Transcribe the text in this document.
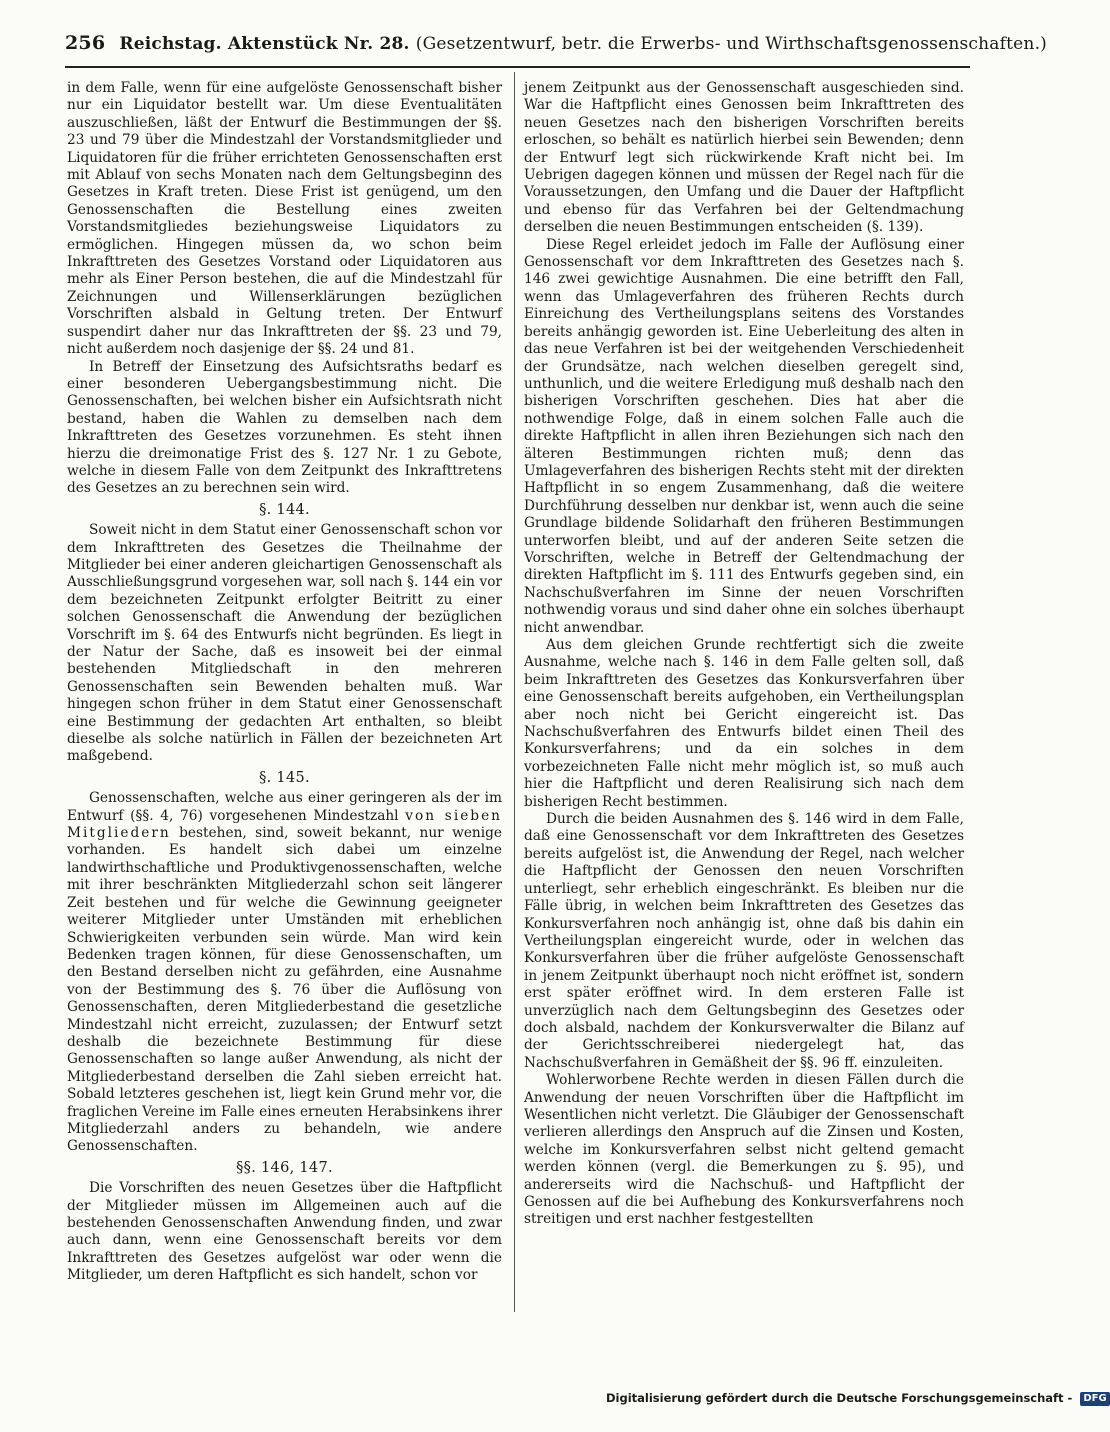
256 Reichstag. Aktenstück Nr. 28. (Gesetzentwurf, betr. die Erwerbs- und Wirthschaftsgenossenschaften.)

in dem Falle, wenn für eine aufgelöste Genossenschaft bisher nur ein Liquidator bestellt war. Um diese Eventualitäten auszuschließen, läßt der Entwurf die Bestimmungen der §§. 23 und 79 über die Mindestzahl der Vorstandsmitglieder und Liquidatoren für die früher errichteten Genossenschaften erst mit Ablauf von sechs Monaten nach dem Geltungsbeginn des Gesetzes in Kraft treten. Diese Frist ist genügend, um den Genossenschaften die Bestellung eines zweiten Vorstandsmitgliedes beziehungsweise Liquidators zu ermöglichen. Hingegen müssen da, wo schon beim Inkrafttreten des Gesetzes Vorstand oder Liquidatoren aus mehr als Einer Person bestehen, die auf die Mindestzahl für Zeichnungen und Willenserklärungen bezüglichen Vorschriften alsbald in Geltung treten. Der Entwurf suspendirt daher nur das Inkrafttreten der §§. 23 und 79, nicht außerdem noch dasjenige der §§. 24 und 81.

In Betreff der Einsetzung des Aufsichtsraths bedarf es einer besonderen Uebergangsbestimmung nicht. Die Genossenschaften, bei welchen bisher ein Aufsichtsrath nicht bestand, haben die Wahlen zu demselben nach dem Inkrafttreten des Gesetzes vorzunehmen. Es steht ihnen hierzu die dreimonatige Frist des §. 127 Nr. 1 zu Gebote, welche in diesem Falle von dem Zeitpunkt des Inkrafttretens des Gesetzes an zu berechnen sein wird.

§. 144.

Soweit nicht in dem Statut einer Genossenschaft schon vor dem Inkrafttreten des Gesetzes die Theilnahme der Mitglieder bei einer anderen gleichartigen Genossenschaft als Ausschließungsgrund vorgesehen war, soll nach §. 144 ein vor dem bezeichneten Zeitpunkt erfolgter Beitritt zu einer solchen Genossenschaft die Anwendung der bezüglichen Vorschrift im §. 64 des Entwurfs nicht begründen. Es liegt in der Natur der Sache, daß es insoweit bei der einmal bestehenden Mitgliedschaft in den mehreren Genossenschaften sein Bewenden behalten muß. War hingegen schon früher in dem Statut einer Genossenschaft eine Bestimmung der gedachten Art enthalten, so bleibt dieselbe als solche natürlich in Fällen der bezeichneten Art maßgebend.

§. 145.

Genossenschaften, welche aus einer geringeren als der im Entwurf (§§. 4, 76) vorgesehenen Mindestzahl von sieben Mitgliedern bestehen, sind, soweit bekannt, nur wenige vorhanden. Es handelt sich dabei um einzelne landwirthschaftliche und Produktivgenossenschaften, welche mit ihrer beschränkten Mitgliederzahl schon seit längerer Zeit bestehen und für welche die Gewinnung geeigneter weiterer Mitglieder unter Umständen mit erheblichen Schwierigkeiten verbunden sein würde. Man wird kein Bedenken tragen können, für diese Genossenschaften, um den Bestand derselben nicht zu gefährden, eine Ausnahme von der Bestimmung des §. 76 über die Auflösung von Genossenschaften, deren Mitgliederbestand die gesetzliche Mindestzahl nicht erreicht, zuzulassen; der Entwurf setzt deshalb die bezeichnete Bestimmung für diese Genossenschaften so lange außer Anwendung, als nicht der Mitgliederbestand derselben die Zahl sieben erreicht hat. Sobald letzteres geschehen ist, liegt kein Grund mehr vor, die fraglichen Vereine im Falle eines erneuten Herabsinkens ihrer Mitgliederzahl anders zu behandeln, wie andere Genossenschaften.

§§. 146, 147.

Die Vorschriften des neuen Gesetzes über die Haftpflicht der Mitglieder müssen im Allgemeinen auch auf die bestehenden Genossenschaften Anwendung finden, und zwar auch dann, wenn eine Genossenschaft bereits vor dem Inkrafttreten des Gesetzes aufgelöst war oder wenn die Mitglieder, um deren Haftpflicht es sich handelt, schon vor

jenem Zeitpunkt aus der Genossenschaft ausgeschieden sind. War die Haftpflicht eines Genossen beim Inkrafttreten des neuen Gesetzes nach den bisherigen Vorschriften bereits erloschen, so behält es natürlich hierbei sein Bewenden; denn der Entwurf legt sich rückwirkende Kraft nicht bei. Im Uebrigen dagegen können und müssen der Regel nach für die Voraussetzungen, den Umfang und die Dauer der Haftpflicht und ebenso für das Verfahren bei der Geltendmachung derselben die neuen Bestimmungen entscheiden (§. 139).

Diese Regel erleidet jedoch im Falle der Auflösung einer Genossenschaft vor dem Inkrafttreten des Gesetzes nach §. 146 zwei gewichtige Ausnahmen. Die eine betrifft den Fall, wenn das Umlageverfahren des früheren Rechts durch Einreichung des Vertheilungsplans seitens des Vorstandes bereits anhängig geworden ist. Eine Ueberleitung des alten in das neue Verfahren ist bei der weitgehenden Verschiedenheit der Grundsätze, nach welchen dieselben geregelt sind, unthunlich, und die weitere Erledigung muß deshalb nach den bisherigen Vorschriften geschehen. Dies hat aber die nothwendige Folge, daß in einem solchen Falle auch die direkte Haftpflicht in allen ihren Beziehungen sich nach den älteren Bestimmungen richten muß; denn das Umlageverfahren des bisherigen Rechts steht mit der direkten Haftpflicht in so engem Zusammenhang, daß die weitere Durchführung desselben nur denkbar ist, wenn auch die seine Grundlage bildende Solidarhaft den früheren Bestimmungen unterworfen bleibt, und auf der anderen Seite setzen die Vorschriften, welche in Betreff der Geltendmachung der direkten Haftpflicht im §. 111 des Entwurfs gegeben sind, ein Nachschußverfahren im Sinne der neuen Vorschriften nothwendig voraus und sind daher ohne ein solches überhaupt nicht anwendbar.

Aus dem gleichen Grunde rechtfertigt sich die zweite Ausnahme, welche nach §. 146 in dem Falle gelten soll, daß beim Inkrafttreten des Gesetzes das Konkursverfahren über eine Genossenschaft bereits aufgehoben, ein Vertheilungsplan aber noch nicht bei Gericht eingereicht ist. Das Nachschußverfahren des Entwurfs bildet einen Theil des Konkursverfahrens; und da ein solches in dem vorbezeichneten Falle nicht mehr möglich ist, so muß auch hier die Haftpflicht und deren Realisirung sich nach dem bisherigen Recht bestimmen.

Durch die beiden Ausnahmen des §. 146 wird in dem Falle, daß eine Genossenschaft vor dem Inkrafttreten des Gesetzes bereits aufgelöst ist, die Anwendung der Regel, nach welcher die Haftpflicht der Genossen den neuen Vorschriften unterliegt, sehr erheblich eingeschränkt. Es bleiben nur die Fälle übrig, in welchen beim Inkrafttreten des Gesetzes das Konkursverfahren noch anhängig ist, ohne daß bis dahin ein Vertheilungsplan eingereicht wurde, oder in welchen das Konkursverfahren über die früher aufgelöste Genossenschaft in jenem Zeitpunkt überhaupt noch nicht eröffnet ist, sondern erst später eröffnet wird. In dem ersteren Falle ist unverzüglich nach dem Geltungsbeginn des Gesetzes oder doch alsbald, nachdem der Konkursverwalter die Bilanz auf der Gerichtsschreiberei niedergelegt hat, das Nachschußverfahren in Gemäßheit der §§. 96 ff. einzuleiten.

Wohlerworbene Rechte werden in diesen Fällen durch die Anwendung der neuen Vorschriften über die Haftpflicht im Wesentlichen nicht verletzt. Die Gläubiger der Genossenschaft verlieren allerdings den Anspruch auf die Zinsen und Kosten, welche im Konkursverfahren selbst nicht geltend gemacht werden können (vergl. die Bemerkungen zu §. 95), und andererseits wird die Nachschuß- und Haftpflicht der Genossen auf die bei Aufhebung des Konkursverfahrens noch streitigen und erst nachher festgestellten

Digitalisierung gefördert durch die Deutsche Forschungsgemeinschaft - DFG
